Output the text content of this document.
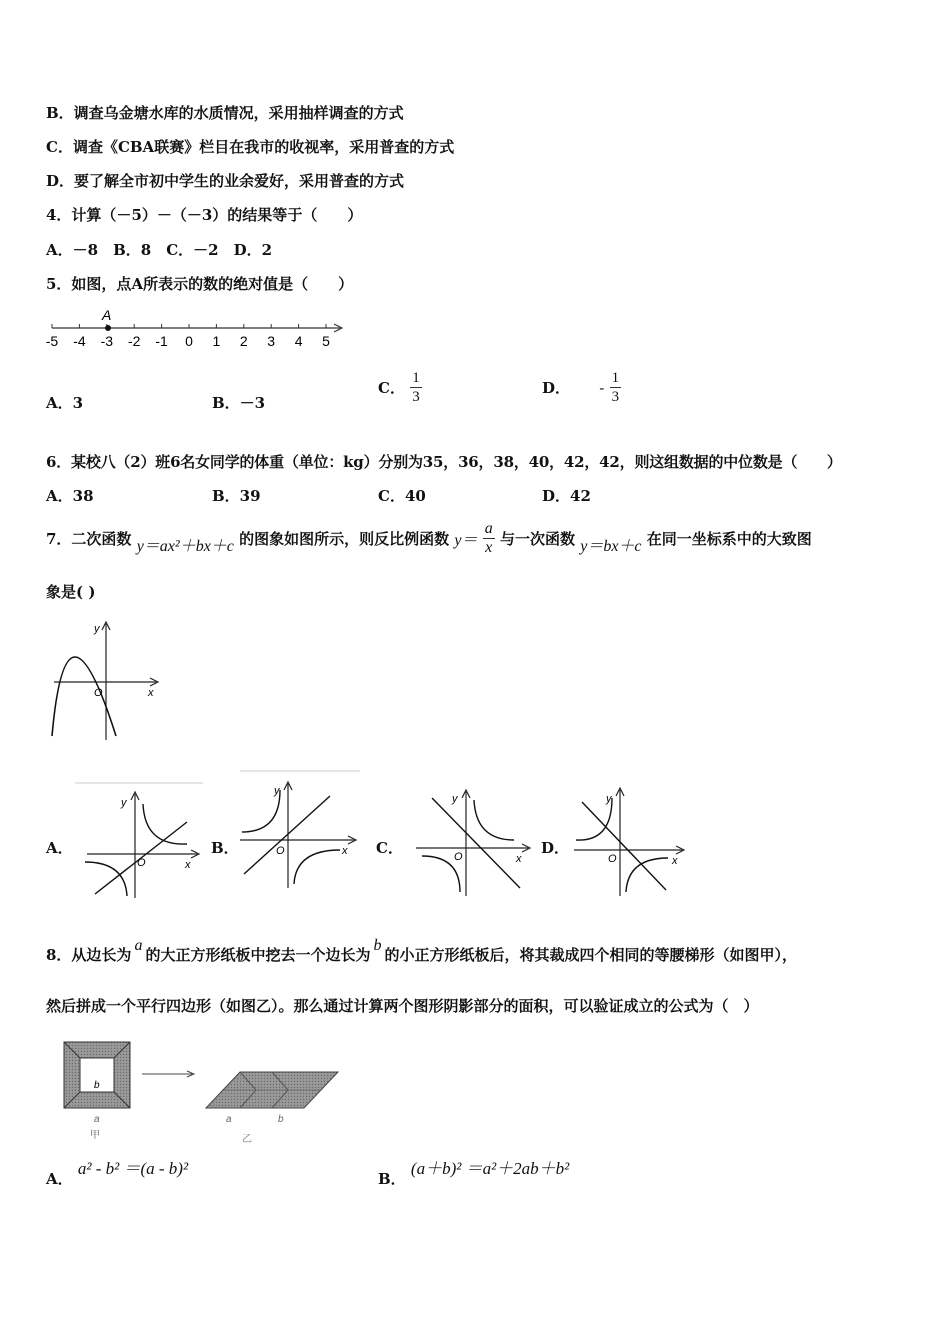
B．调查乌金塘水库的水质情况，采用抽样调查的方式
C．调查《CBA联赛》栏目在我市的收视率，采用普查的方式
D．要了解全市初中学生的业余爱好，采用普查的方式
4．计算（－5）－（－3）的结果等于（　　）
A．－8　B．8　C．－2　D．2
5．如图，点A所表示的数的绝对值是（　　）
-5 -4 -3 -2 -1 0 1 2 3 4 5
A
A．3	B．－3
C． $\frac{1}{3}$	D． - $\frac{1}{3}$
6．某校八（2）班6名女同学的体重（单位：kg）分别为35，36，38，40，42，42，则这组数据的中位数是（　　）
A．38	B．39	C．40	D．42
7．二次函数 y＝ax²＋bx＋c 的图象如图所示，则反比例函数 $y= \frac{a}{x}$ 与一次函数 y＝bx＋c 在同一坐标系中的大致图
象是( )
y
x
O
A．
y
x
O
B．
y
x
O	C．
y
x
O	D．
y
x
O
8．从边长为a的大正方形纸板中挖去一个边长为b的小正方形纸板后，将其裁成四个相同的等腰梯形（如图甲），
然后拼成一个平行四边形（如图乙）。那么通过计算两个图形阴影部分的面积，可以验证成立的公式为（　）
b
a
甲
a	b
乙
A． a² - b² ＝(a - b)²
B． (a＋b)² ＝a²＋2ab＋b²
